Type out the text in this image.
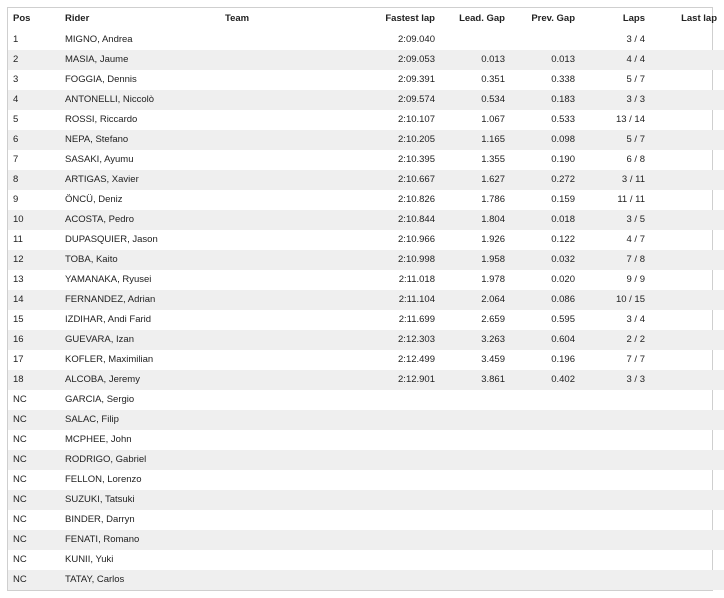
Pos	Rider	Team	Fastest lap	Lead. Gap	Prev. Gap	Laps	Last lap
1	MIGNO, Andrea		2:09.040			3 / 4	
2	MASIA, Jaume		2:09.053	0.013	0.013	4 / 4	
3	FOGGIA, Dennis		2:09.391	0.351	0.338	5 / 7	
4	ANTONELLI, Niccolò		2:09.574	0.534	0.183	3 / 3	
5	ROSSI, Riccardo		2:10.107	1.067	0.533	13 / 14	
6	NEPA, Stefano		2:10.205	1.165	0.098	5 / 7	
7	SASAKI, Ayumu		2:10.395	1.355	0.190	6 / 8	
8	ARTIGAS, Xavier		2:10.667	1.627	0.272	3 / 11	
9	ÖNCÜ, Deniz		2:10.826	1.786	0.159	11 / 11	
10	ACOSTA, Pedro		2:10.844	1.804	0.018	3 / 5	
11	DUPASQUIER, Jason		2:10.966	1.926	0.122	4 / 7	
12	TOBA, Kaito		2:10.998	1.958	0.032	7 / 8	
13	YAMANAKA, Ryusei		2:11.018	1.978	0.020	9 / 9	
14	FERNANDEZ, Adrian		2:11.104	2.064	0.086	10 / 15	
15	IZDIHAR, Andi Farid		2:11.699	2.659	0.595	3 / 4	
16	GUEVARA, Izan		2:12.303	3.263	0.604	2 / 2	
17	KOFLER, Maximilian		2:12.499	3.459	0.196	7 / 7	
18	ALCOBA, Jeremy		2:12.901	3.861	0.402	3 / 3	
NC	GARCIA, Sergio						
NC	SALAC, Filip						
NC	MCPHEE, John						
NC	RODRIGO, Gabriel						
NC	FELLON, Lorenzo						
NC	SUZUKI, Tatsuki						
NC	BINDER, Darryn						
NC	FENATI, Romano						
NC	KUNII, Yuki						
NC	TATAY, Carlos						
